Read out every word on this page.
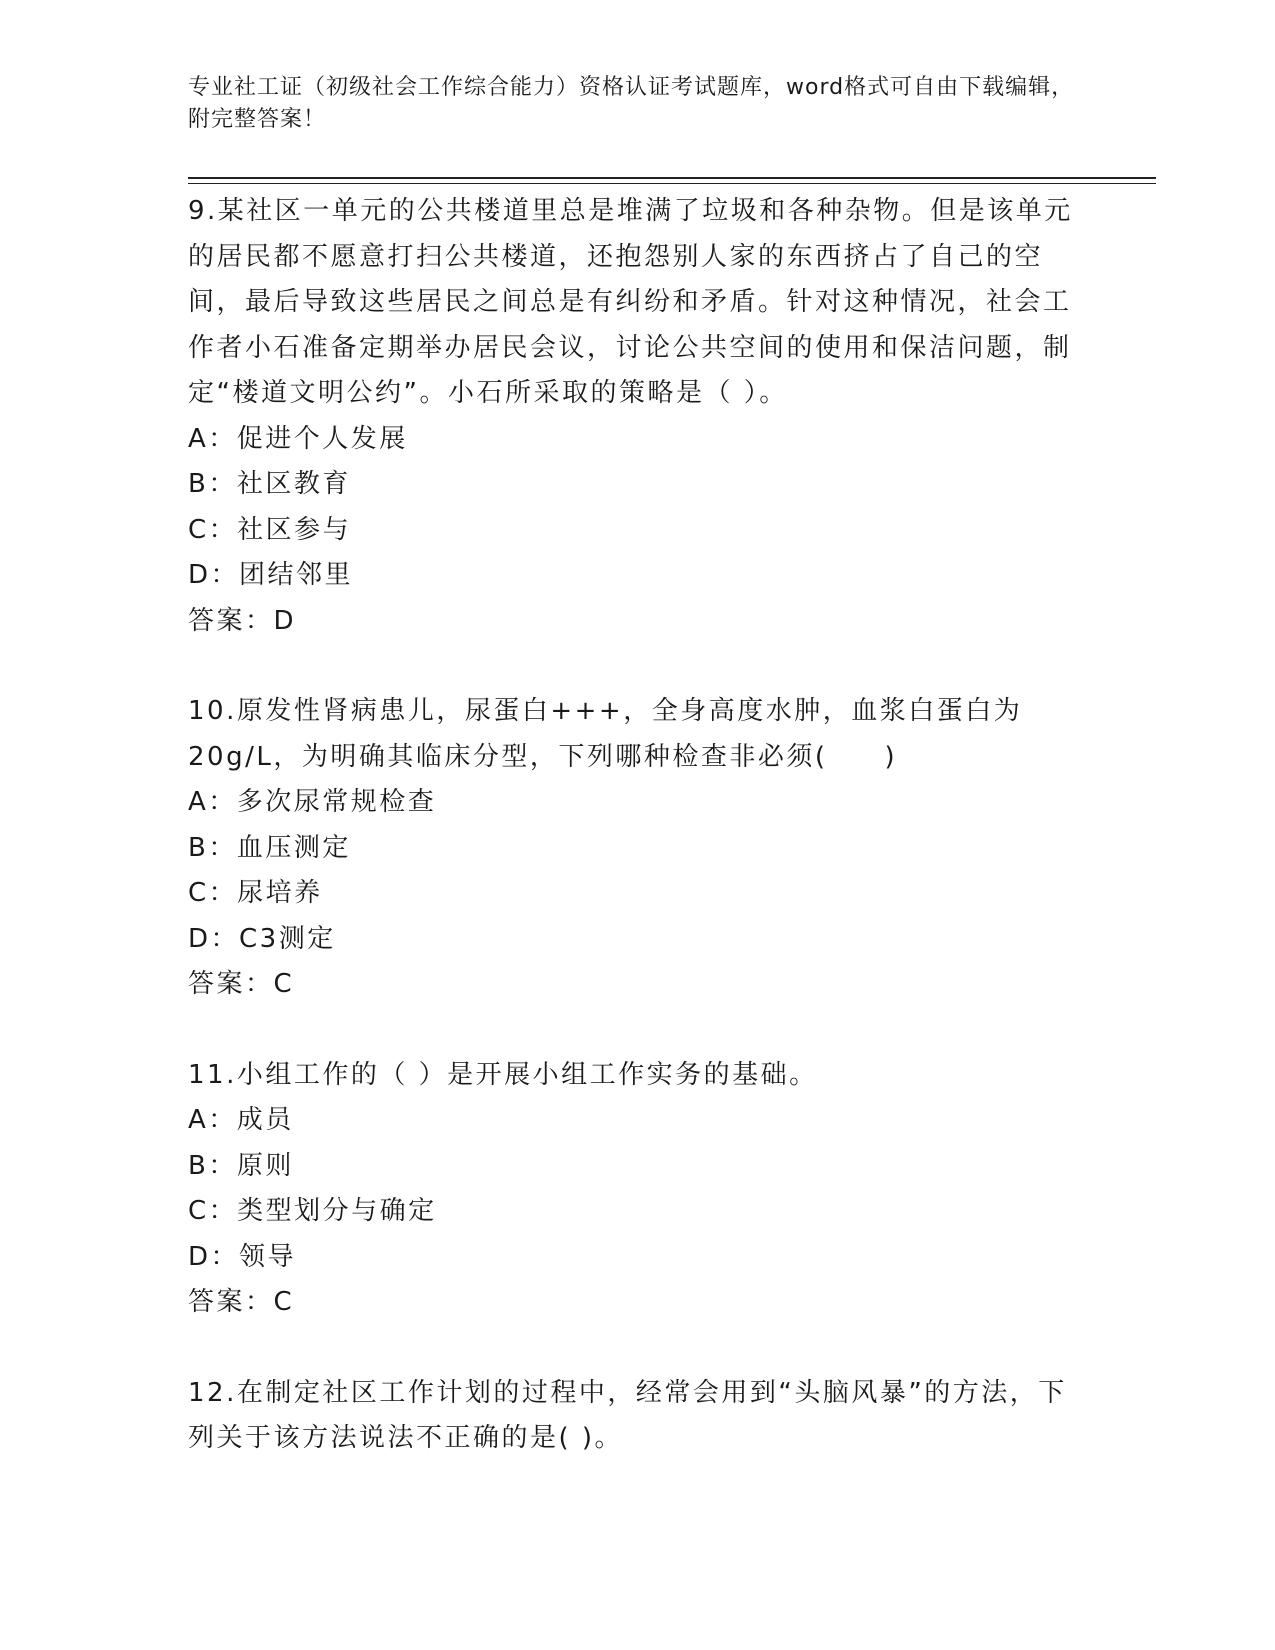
专业社工证（初级社会工作综合能力）资格认证考试题库，word格式可自由下载编辑，附完整答案！

9.某社区一单元的公共楼道里总是堆满了垃圾和各种杂物。但是该单元的居民都不愿意打扫公共楼道，还抱怨别人家的东西挤占了自己的空间，最后导致这些居民之间总是有纠纷和矛盾。针对这种情况，社会工作者小石准备定期举办居民会议，讨论公共空间的使用和保洁问题，制定“楼道文明公约”。小石所采取的策略是（ ）。

A：促进个人发展

B：社区教育

C：社区参与

D：团结邻里

答案：D

10.原发性肾病患儿，尿蛋白+++，全身高度水肿，血浆白蛋白为20g/L，为明确其临床分型，下列哪种检查非必须(　　)

A：多次尿常规检查

B：血压测定

C：尿培养

D：C3测定

答案：C

11.小组工作的（ ）是开展小组工作实务的基础。

A：成员

B：原则

C：类型划分与确定

D：领导

答案：C

12.在制定社区工作计划的过程中，经常会用到“头脑风暴”的方法，下列关于该方法说法不正确的是( )。
